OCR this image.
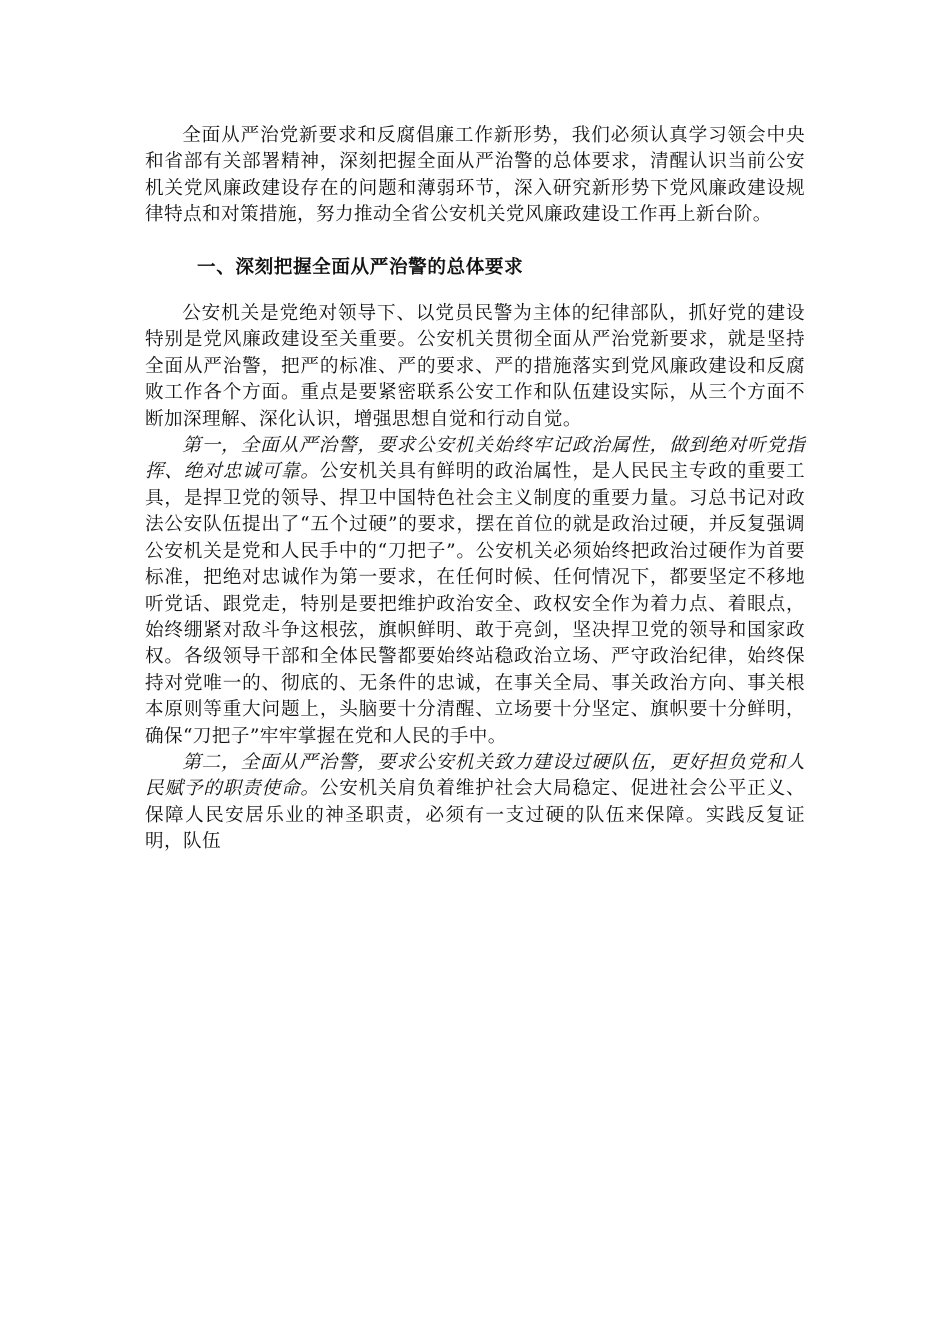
全面从严治党新要求和反腐倡廉工作新形势，我们必须认真学习领会中央和省部有关部署精神，深刻把握全面从严治警的总体要求，清醒认识当前公安机关党风廉政建设存在的问题和薄弱环节，深入研究新形势下党风廉政建设规律特点和对策措施，努力推动全省公安机关党风廉政建设工作再上新台阶。

一、深刻把握全面从严治警的总体要求

公安机关是党绝对领导下、以党员民警为主体的纪律部队，抓好党的建设特别是党风廉政建设至关重要。公安机关贯彻全面从严治党新要求，就是坚持全面从严治警，把严的标准、严的要求、严的措施落实到党风廉政建设和反腐败工作各个方面。重点是要紧密联系公安工作和队伍建设实际，从三个方面不断加深理解、深化认识，增强思想自觉和行动自觉。

第一，全面从严治警，要求公安机关始终牢记政治属性，做到绝对听党指挥、绝对忠诚可靠。公安机关具有鲜明的政治属性，是人民民主专政的重要工具，是捍卫党的领导、捍卫中国特色社会主义制度的重要力量。习总书记对政法公安队伍提出了“五个过硬”的要求，摆在首位的就是政治过硬，并反复强调公安机关是党和人民手中的“刀把子”。公安机关必须始终把政治过硬作为首要标准，把绝对忠诚作为第一要求，在任何时候、任何情况下，都要坚定不移地听党话、跟党走，特别是要把维护政治安全、政权安全作为着力点、着眼点，始终绷紧对敌斗争这根弦，旗帜鲜明、敢于亮剑，坚决捍卫党的领导和国家政权。各级领导干部和全体民警都要始终站稳政治立场、严守政治纪律，始终保持对党唯一的、彻底的、无条件的忠诚，在事关全局、事关政治方向、事关根本原则等重大问题上，头脑要十分清醒、立场要十分坚定、旗帜要十分鲜明，确保“刀把子”牢牢掌握在党和人民的手中。

第二，全面从严治警，要求公安机关致力建设过硬队伍，更好担负党和人民赋予的职责使命。公安机关肩负着维护社会大局稳定、促进社会公平正义、保障人民安居乐业的神圣职责，必须有一支过硬的队伍来保障。实践反复证明，队伍
